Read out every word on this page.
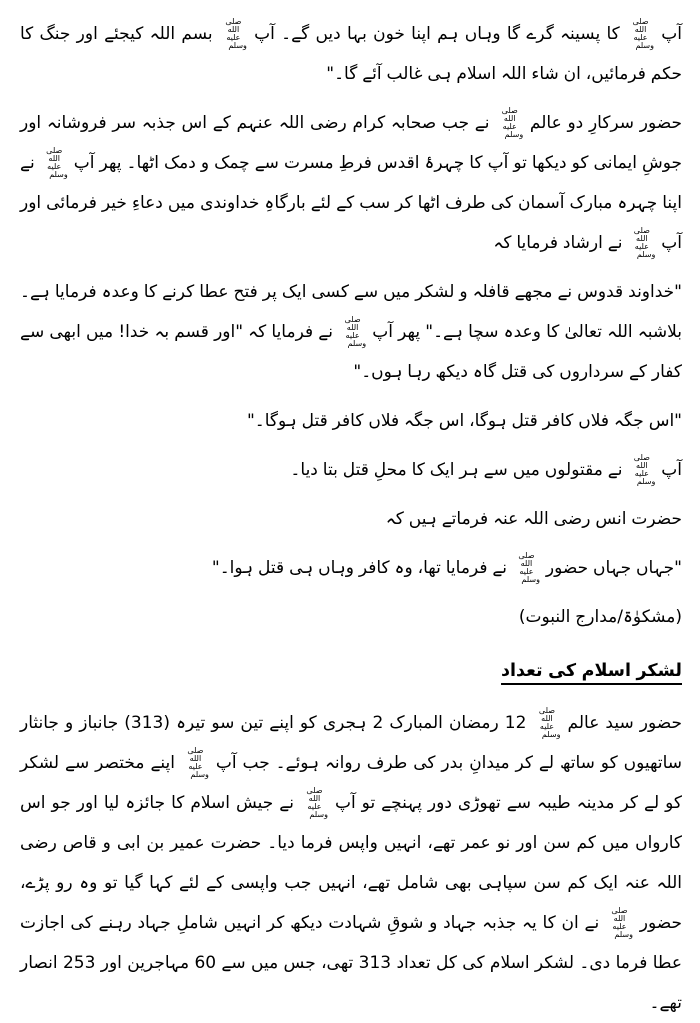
آپ صلى الله عليه وسلم کا پسینہ گرے گا وہاں ہم اپنا خون بہا دیں گے۔ آپ صلى الله عليه وسلم بسم اللہ کیجئے اور جنگ کا حکم فرمائیں، ان شاء اللہ اسلام ہی غالب آئے گا۔"

حضور سرکارِ دو عالم صلى الله عليه وسلم نے جب صحابہ کرام رضی اللہ عنہم کے اس جذبہ سر فروشانہ اور جوشِ ایمانی کو دیکھا تو آپ کا چہرۂ اقدس فرطِ مسرت سے چمک و دمک اٹھا۔ پھر آپ صلى الله عليه وسلم نے اپنا چہرہ مبارک آسمان کی طرف اٹھا کر سب کے لئے بارگاہِ خداوندی میں دعاءِ خیر فرمائی اور آپ صلى الله عليه وسلم نے ارشاد فرمایا کہ

"خداوند قدوس نے مجھے قافلہ و لشکر میں سے کسی ایک پر فتح عطا کرنے کا وعدہ فرمایا ہے۔ بلاشبہ اللہ تعالیٰ کا وعدہ سچا ہے۔" پھر آپ صلى الله عليه وسلم نے فرمایا کہ "اور قسم بہ خدا! میں ابھی سے کفار کے سرداروں کی قتل گاہ دیکھ رہا ہوں۔"

"اس جگہ فلاں کافر قتل ہوگا، اس جگہ فلاں کافر قتل ہوگا۔"

آپ صلى الله عليه وسلم نے مقتولوں میں سے ہر ایک کا محلِ قتل بتا دیا۔

حضرت انس رضی اللہ عنہ فرماتے ہیں کہ

"جہاں جہاں حضور صلى الله عليه وسلم نے فرمایا تھا، وہ کافر وہاں ہی قتل ہوا۔"

(مشکوٰۃ/مدارج النبوت)

لشکر اسلام کی تعداد

حضور سید عالم صلى الله عليه وسلم 12 رمضان المبارک 2 ہجری کو اپنے تین سو تیرہ (313) جانباز و جانثار ساتھیوں کو ساتھ لے کر میدانِ بدر کی طرف روانہ ہوئے۔ جب آپ صلى الله عليه وسلم اپنے مختصر سے لشکر کو لے کر مدینہ طیبہ سے تھوڑی دور پہنچے تو آپ صلى الله عليه وسلم نے جیش اسلام کا جائزہ لیا اور جو اس کارواں میں کم سن اور نو عمر تھے، انہیں واپس فرما دیا۔ حضرت عمیر بن ابی و قاص رضی اللہ عنہ ایک کم سن سپاہی بھی شامل تھے، انہیں جب واپسی کے لئے کہا گیا تو وہ رو پڑے، حضور صلى الله عليه وسلم نے ان کا یہ جذبہ جہاد و شوقِ شہادت دیکھ کر انہیں شاملِ جہاد رہنے کی اجازت عطا فرما دی۔ لشکر اسلام کی کل تعداد 313 تھی، جس میں سے 60 مہاجرین اور 253 انصار تھے۔
